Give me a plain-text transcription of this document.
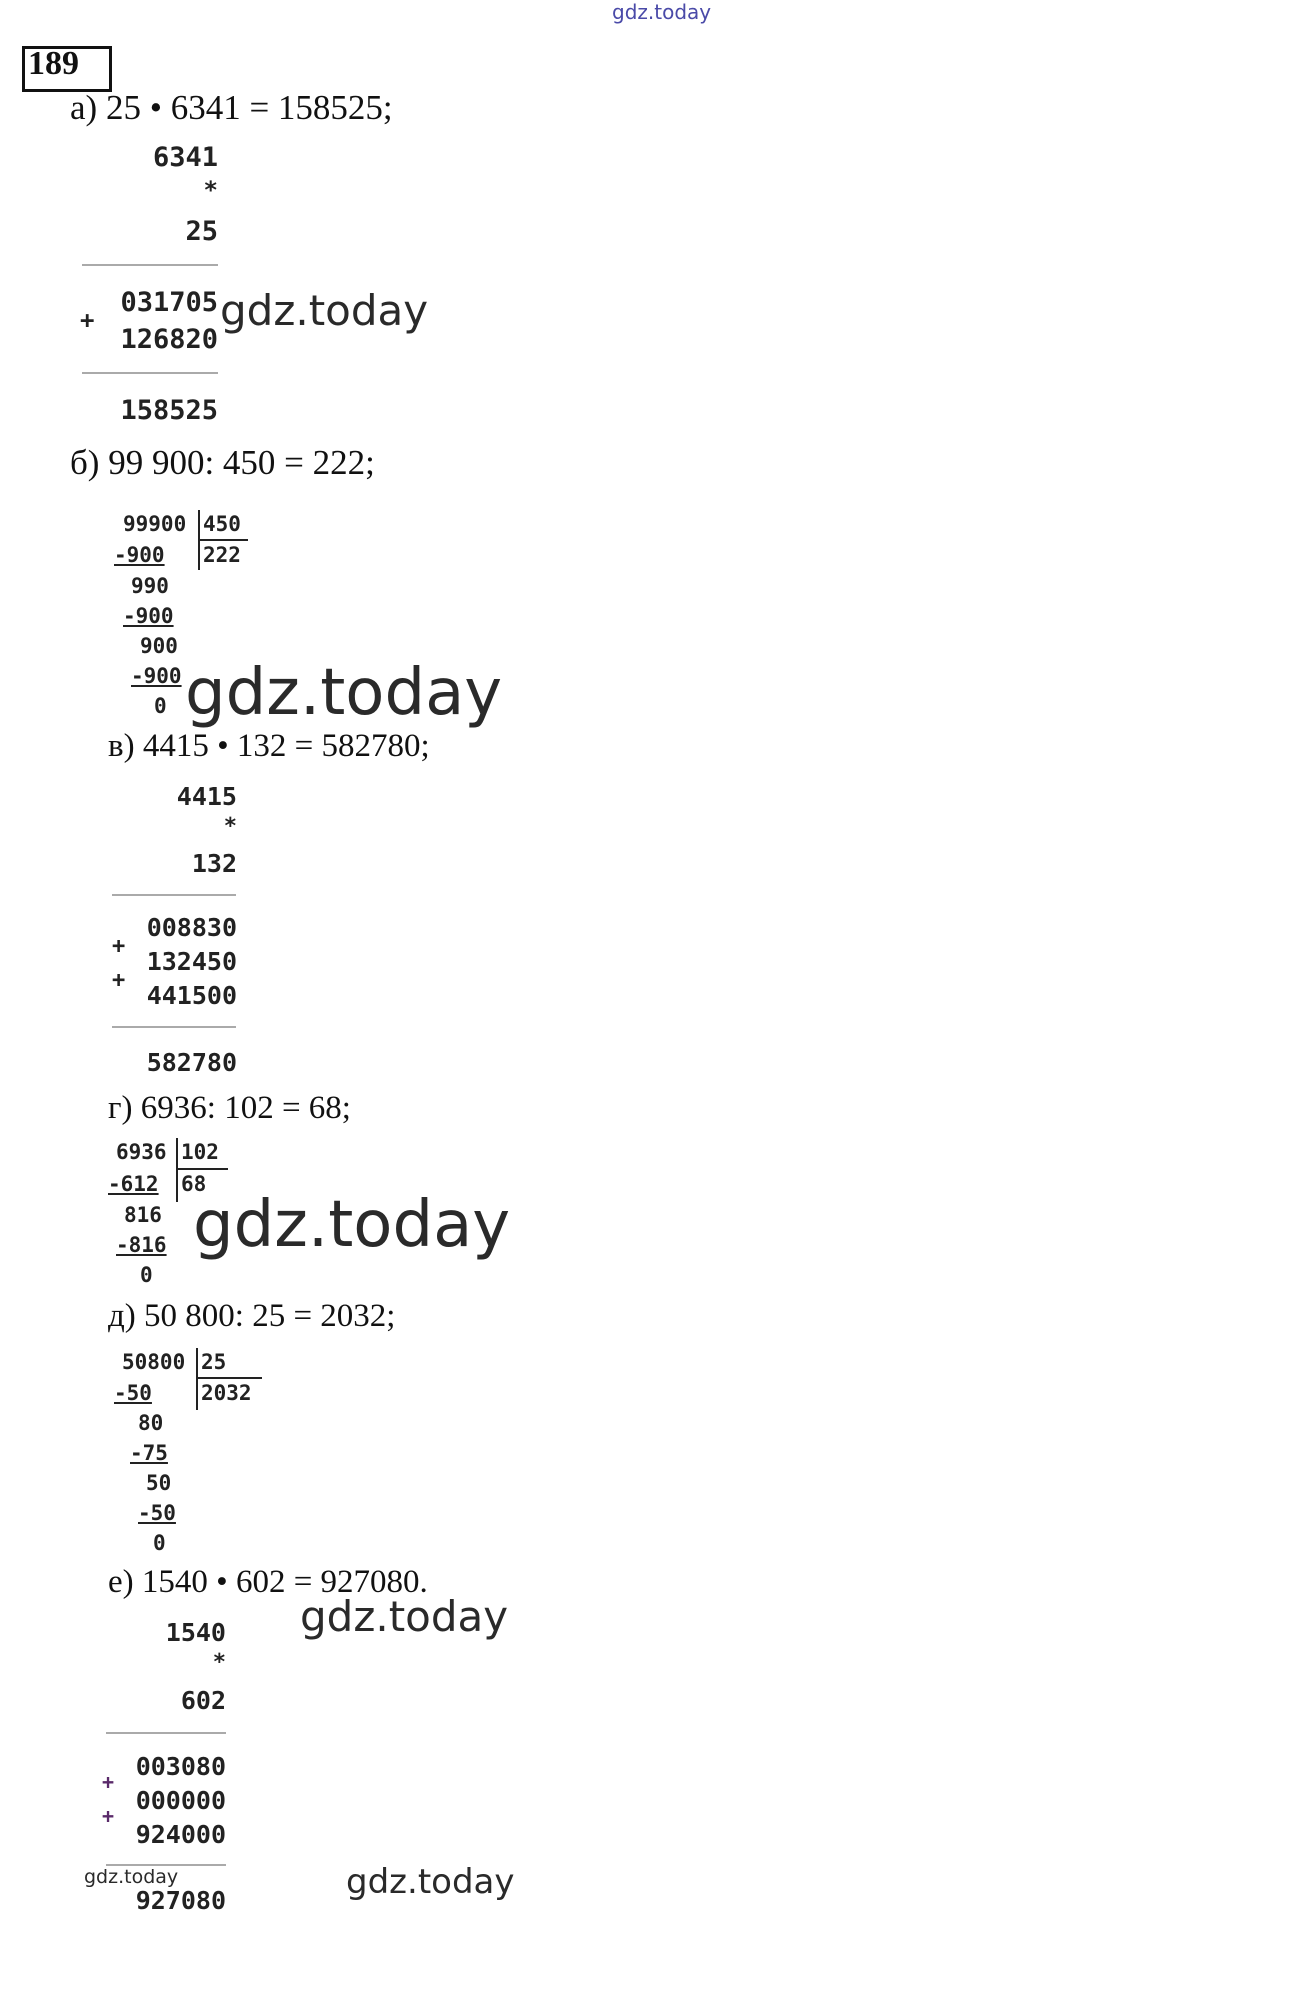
gdz.today
189
а) 25 • 6341 = 158525;
6341
*
25
+
031705
126820
158525
gdz.today
б) 99 900: 450 = 222;
99900 450
222
-900
990
-900
900
-900
0 gdz.today
в) 4415 • 132 = 582780;
4415
*
132
+
+
008830
132450
441500
582780
г) 6936: 102 = 68;
6936 102
68
-612
816
-816
0
gdz.today
д) 50 800: 25 = 2032;
50800 25
2032
-50
80
-75
50
-50
0
е) 1540 • 602 = 927080.
gdz.today
1540
*
602
+
+
003080
000000
924000
927080
gdz.today	gdz.today
